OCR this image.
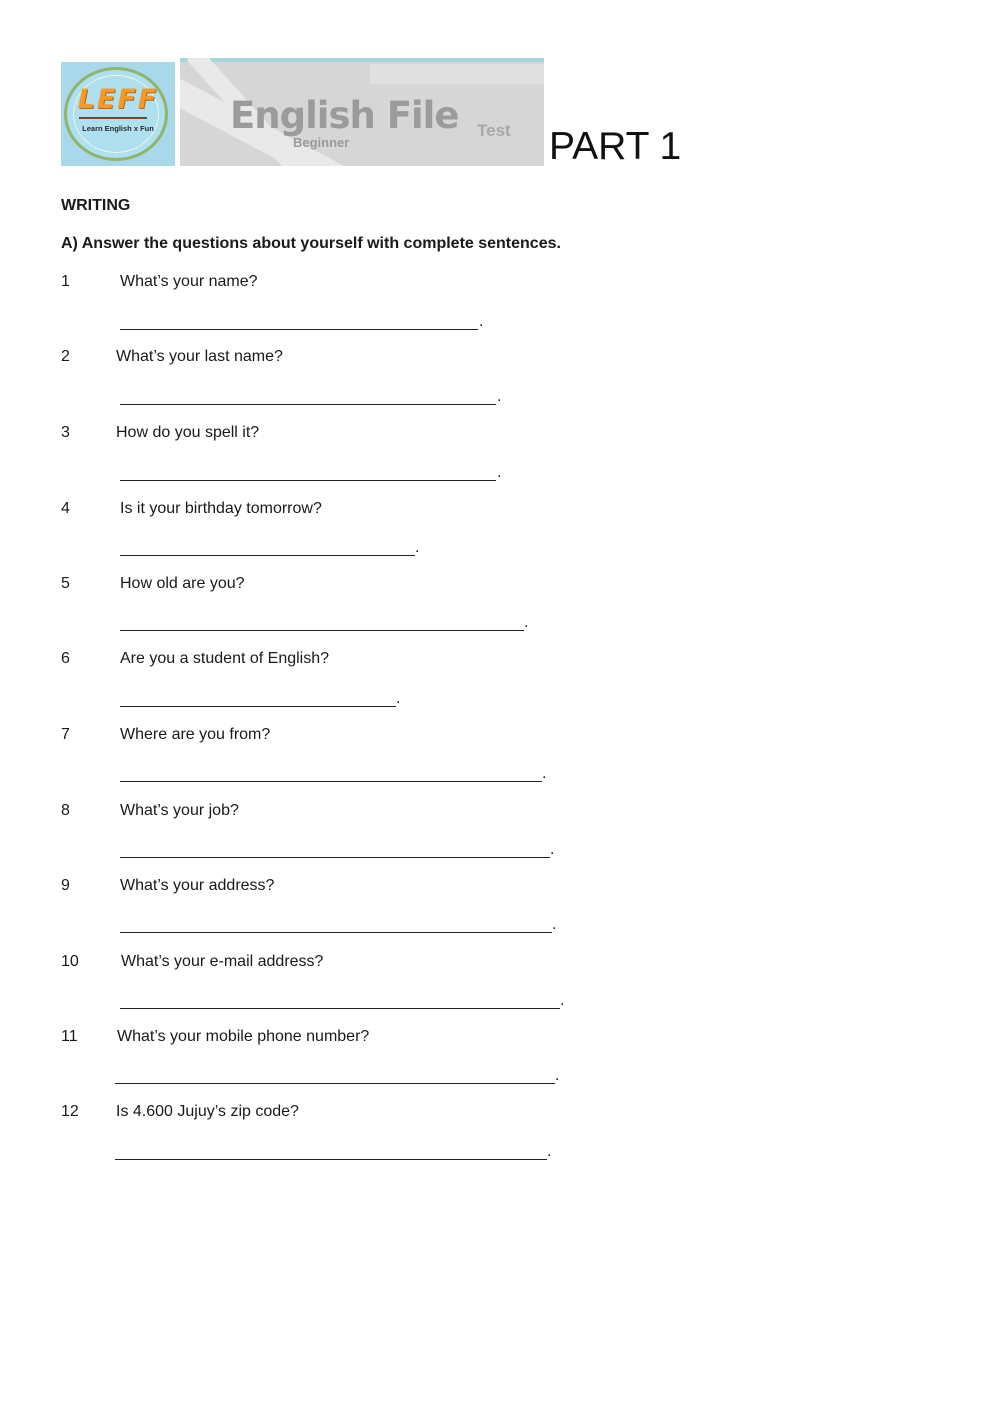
LEFF
Learn English x Fun	English File
Beginner
Test PART 1
WRITING
A) Answer the questions about yourself with complete sentences.
1	What’s your name?
.
2	What’s your last name?
.
3	How do you spell it?
.
4	Is it your birthday tomorrow?
.
5	How old are you?
.
6	Are you a student of English?
.
7	Where are you from?
.
8	What’s your job?
.
9	What’s your address?
.
10	What’s your e-mail address?
.
11 What’s your mobile phone number?
.
12 Is 4.600 Jujuy’s zip code?
.
